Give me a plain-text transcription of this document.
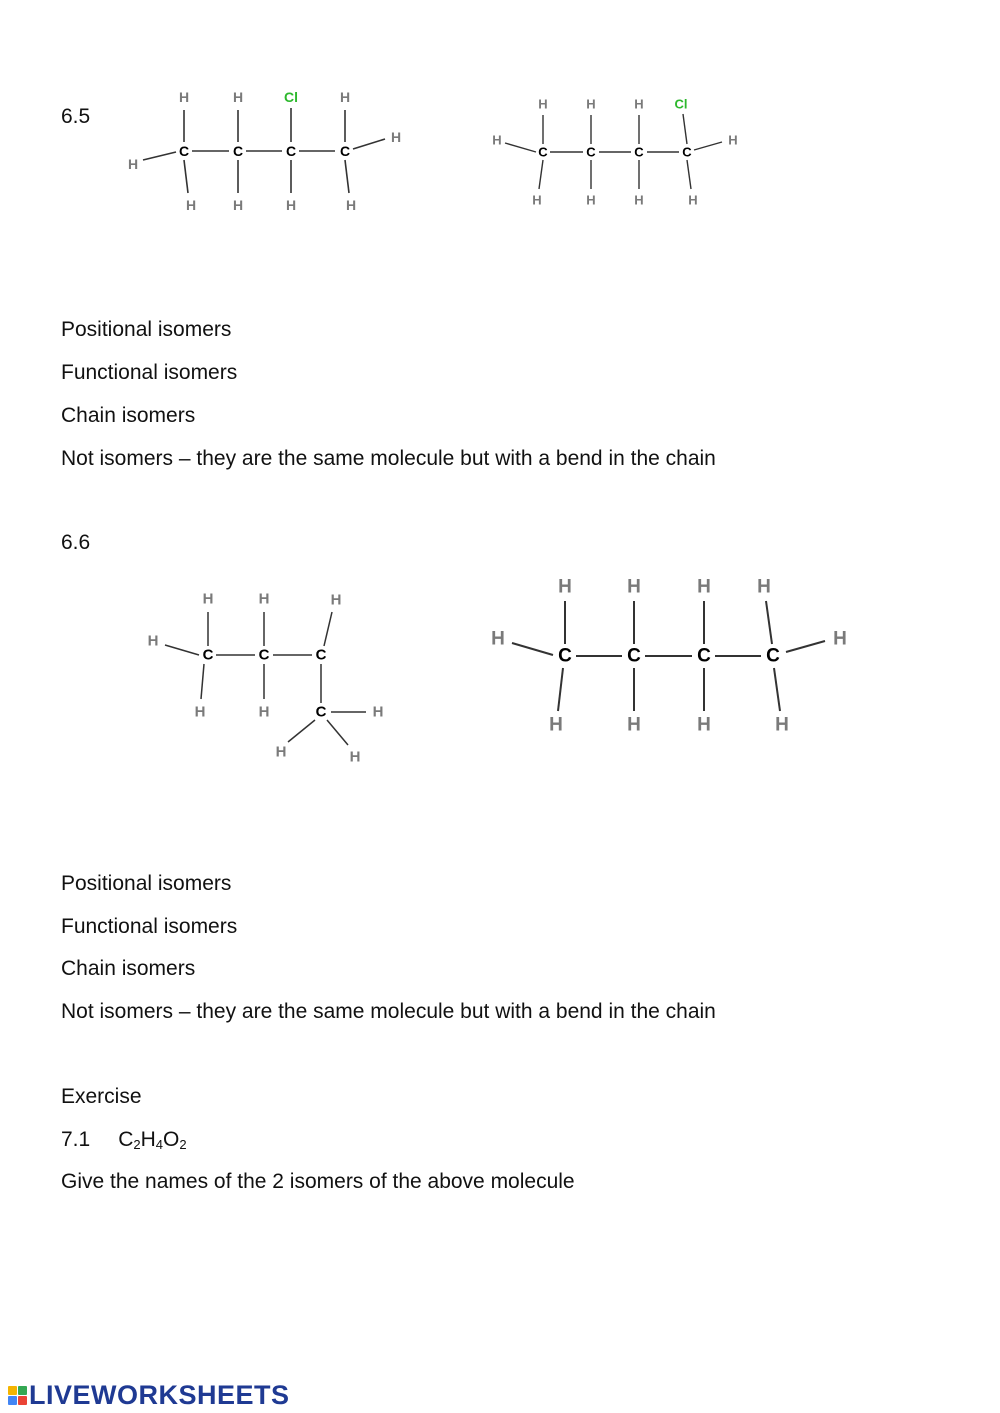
6.5
C	C	C	C
Cl
H	H	H
H
H
H	H	H	H
C	C	C	C
Cl
H	H	H
H	H
H	H	H	H
Positional isomers
Functional isomers
Chain isomers
Not isomers – they are the same molecule but with a bend in the chain
6.6
C	C	C
C
H	H	H
H
H	H	H
H	H
C	C	C	C
H	H	H H
H	H
H	H	H	H
Positional isomers
Functional isomers
Chain isomers
Not isomers – they are the same molecule but with a bend in the chain
Exercise
7.1 $C_2H_4O_2$
Give the names of the 2 isomers of the above molecule
LIVEWORKSHEETS
